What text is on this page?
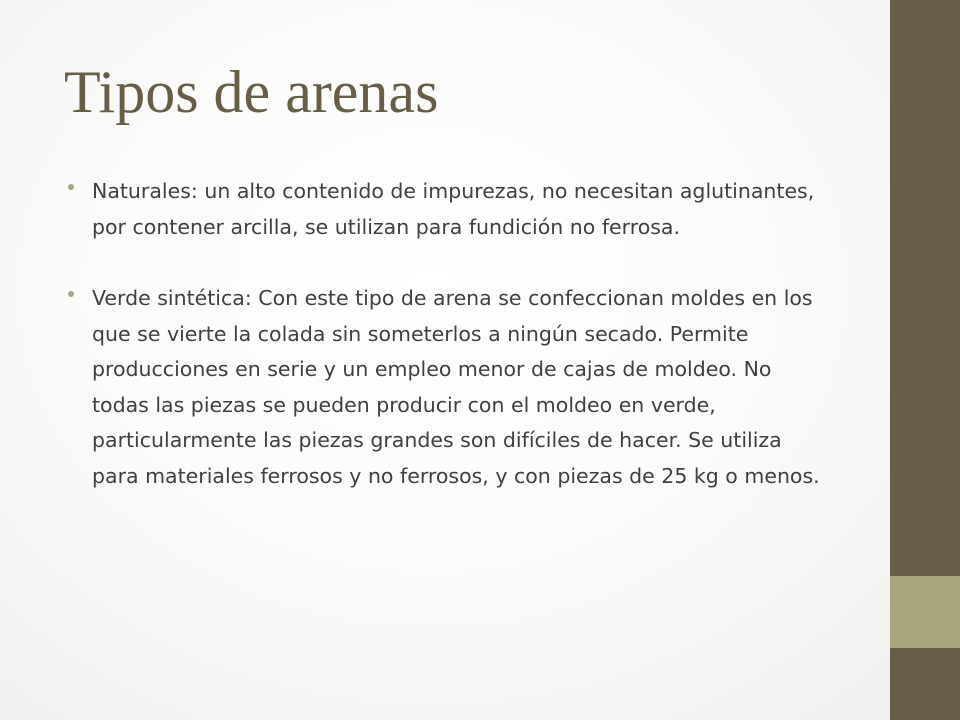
Tipos de arenas
Naturales: un alto contenido de impurezas, no necesitan aglutinantes, por contener arcilla, se utilizan para fundición no ferrosa.
Verde sintética: Con este tipo de arena se confeccionan moldes en los que se vierte la colada sin someterlos a ningún secado. Permite producciones en serie y un empleo menor de cajas de moldeo. No todas las piezas se pueden producir con el moldeo en verde, particularmente las piezas grandes son difíciles de hacer. Se utiliza para materiales ferrosos y no ferrosos, y con piezas de 25 kg o menos.
